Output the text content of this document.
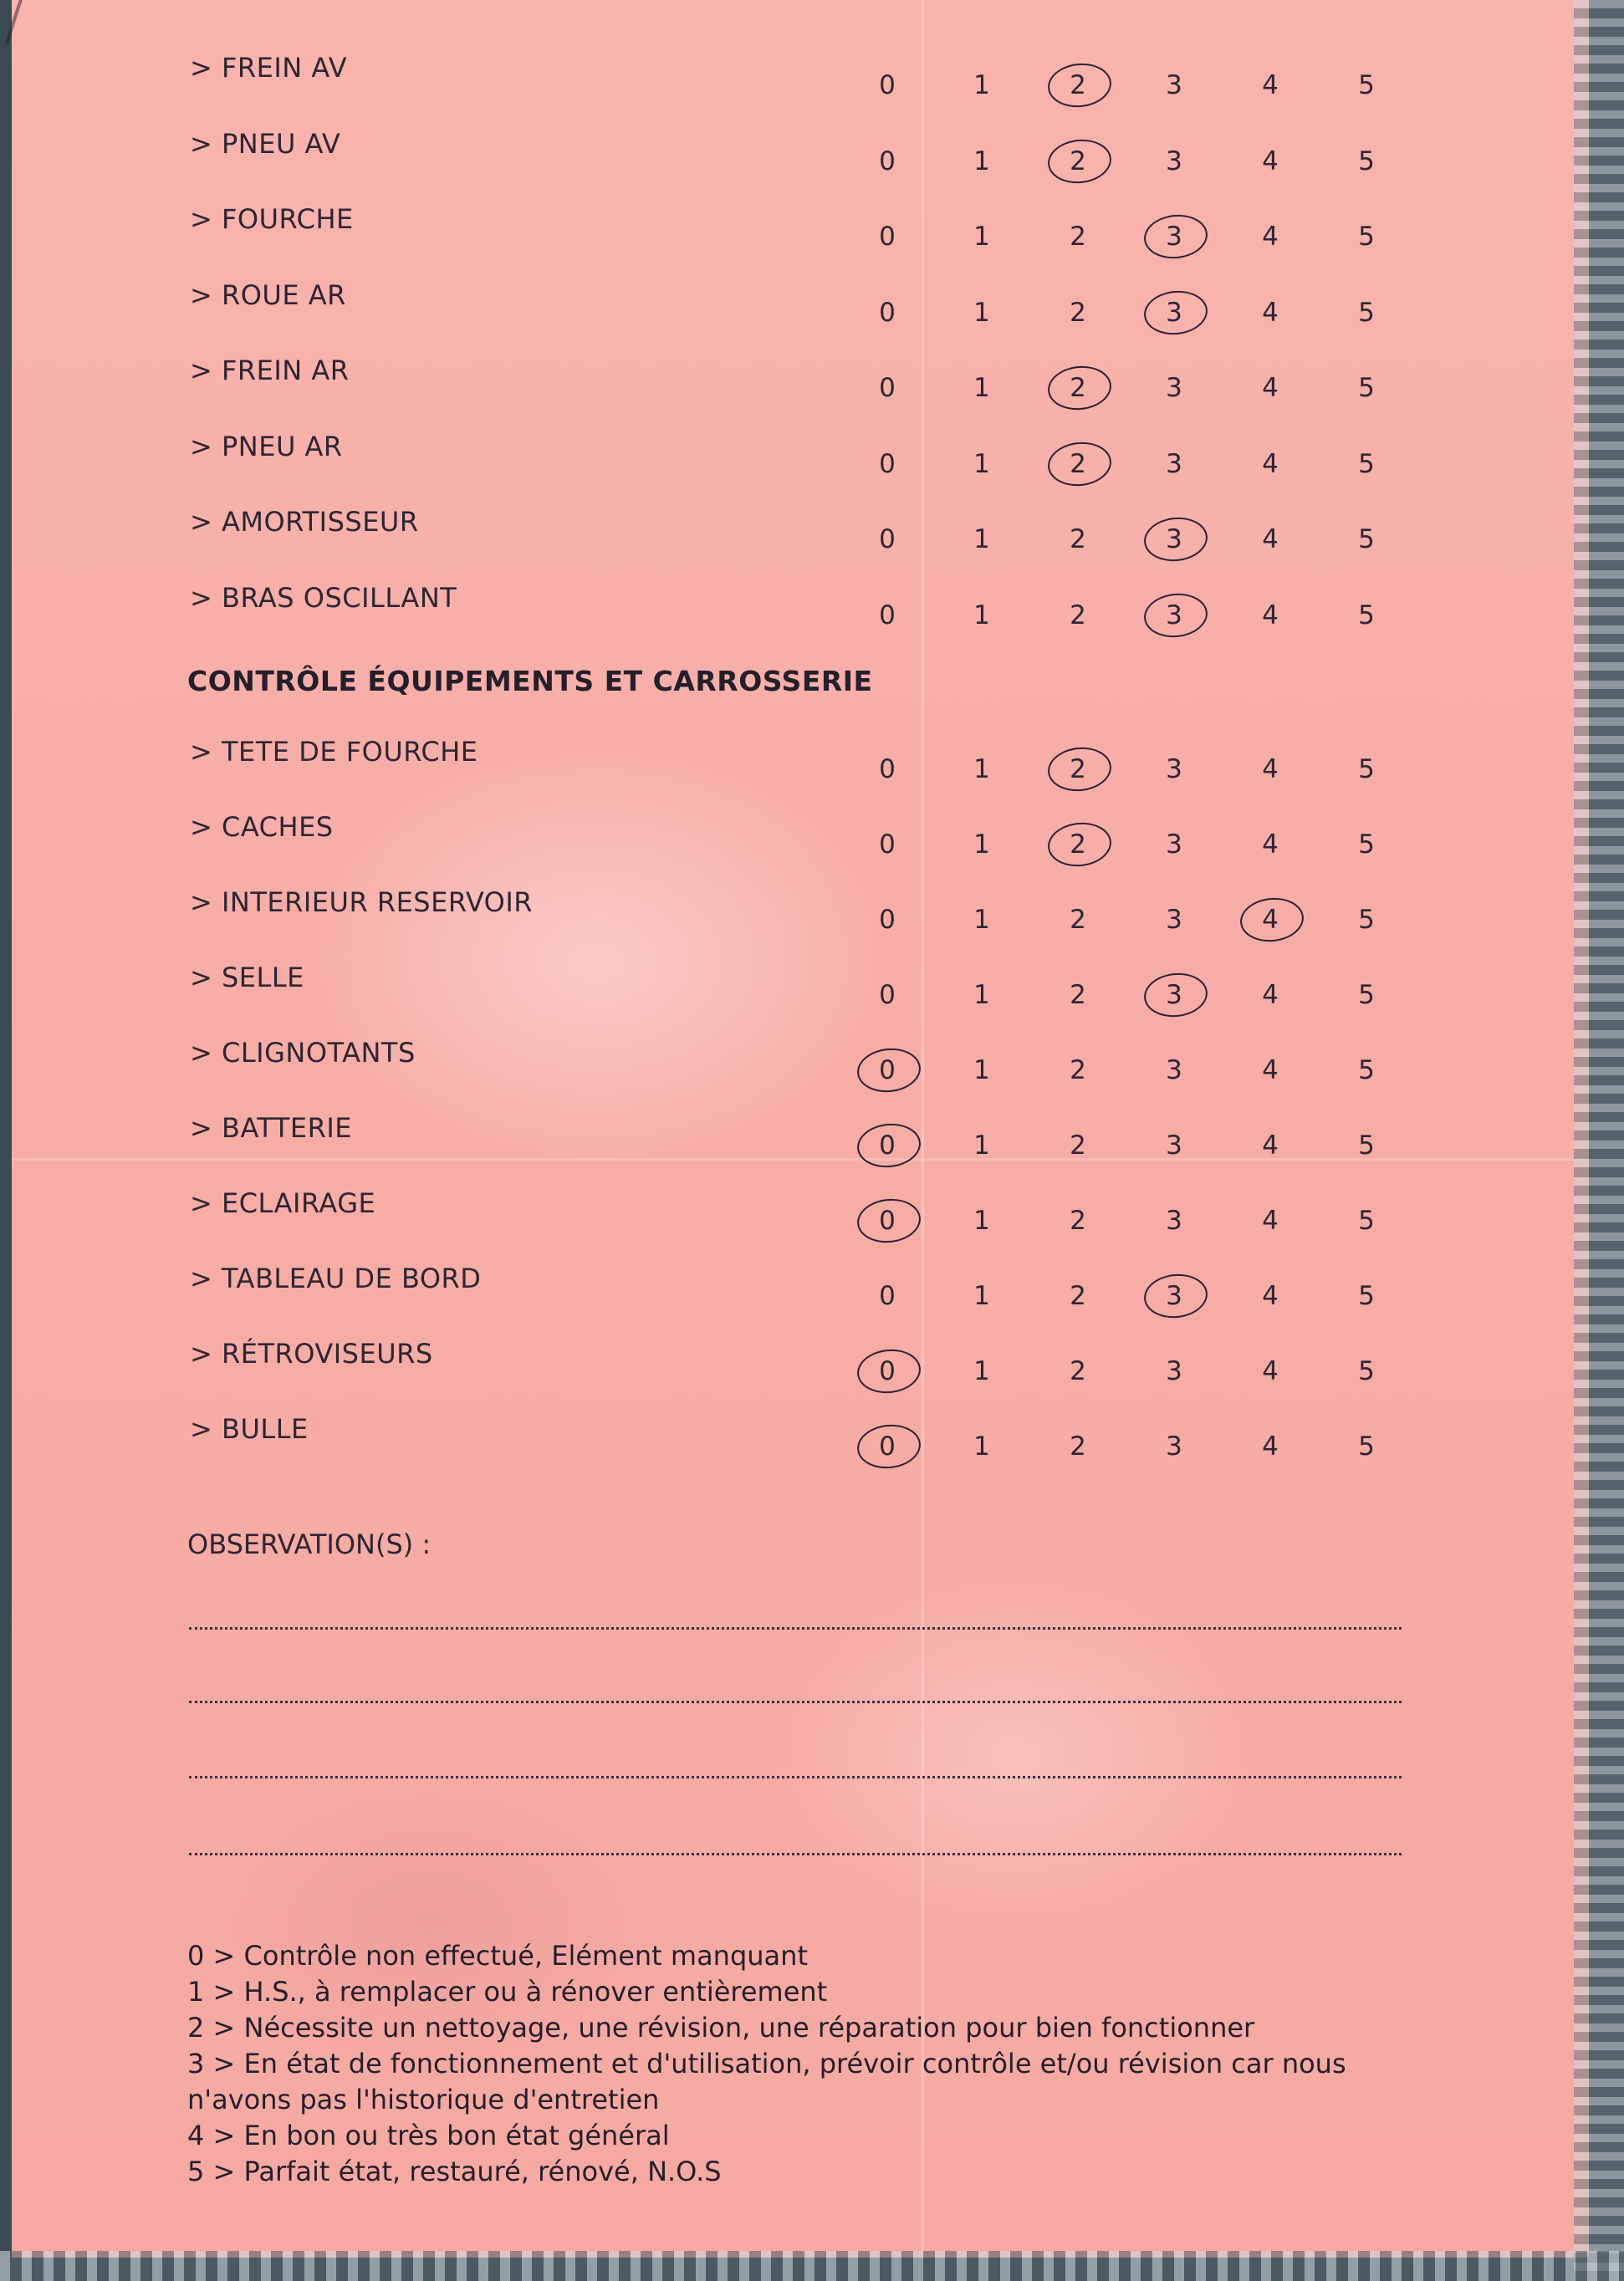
> FREIN AV
0	1	2	3	4	5
> PNEU AV
0	1	2	3	4	5
> FOURCHE
0	1	2	3	4	5
> ROUE AR
0	1	2	3	4	5
> FREIN AR
0	1	2	3	4	5
> PNEU AR
0	1	2	3	4	5
> AMORTISSEUR
0	1	2	3	4	5
> BRAS OSCILLANT
0	1	2	3	4	5
CONTRÔLE ÉQUIPEMENTS ET CARROSSERIE
> TETE DE FOURCHE
0	1	2	3	4	5
> CACHES
0	1	2	3	4	5
> INTERIEUR RESERVOIR
0	1	2	3	4	5
> SELLE
0	1	2	3	4	5
> CLIGNOTANTS
0	1	2	3	4	5
> BATTERIE
0	1	2	3	4	5
> ECLAIRAGE
0	1	2	3	4	5
> TABLEAU DE BORD
0	1	2	3	4	5
> RÉTROVISEURS
0	1	2	3	4	5
> BULLE
0	1	2	3	4	5
OBSERVATION(S) :
0 > Contrôle non effectué, Elément manquant
1 > H.S., à remplacer ou à rénover entièrement
2 > Nécessite un nettoyage, une révision, une réparation pour bien fonctionner
3 > En état de fonctionnement et d'utilisation, prévoir contrôle et/ou révision car nous n'avons pas l'historique d'entretien
4 > En bon ou très bon état général
5 > Parfait état, restauré, rénové, N.O.S
